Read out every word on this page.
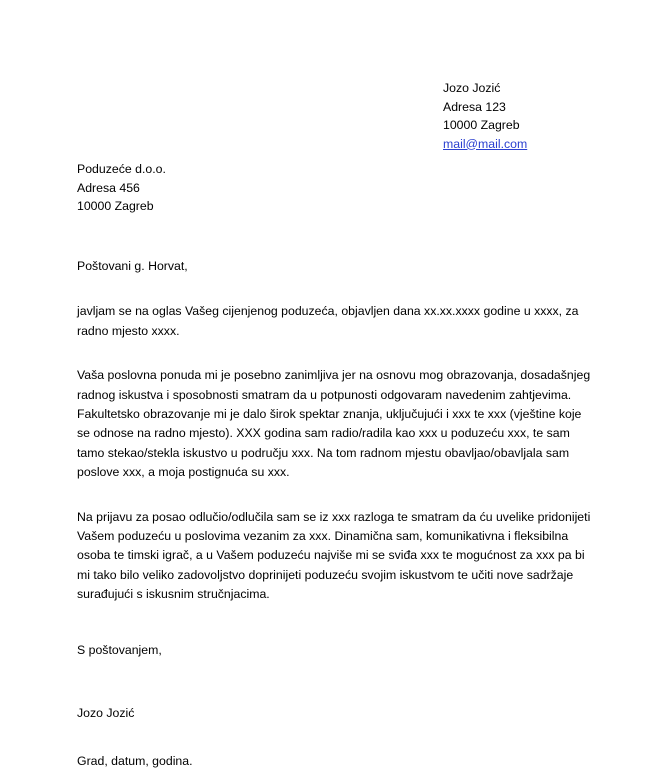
Jozo Jozić
Adresa 123
10000 Zagreb
mail@mail.com
Poduzeće d.o.o.
Adresa 456
10000 Zagreb

Poštovani g. Horvat,

javljam se na oglas Vašeg cijenjenog poduzeća, objavljen dana xx.xx.xxxx godine u xxxx, za radno mjesto xxxx.

Vaša poslovna ponuda mi je posebno zanimljiva jer na osnovu mog obrazovanja, dosadašnjeg radnog iskustva i sposobnosti smatram da u potpunosti odgovaram navedenim zahtjevima. Fakultetsko obrazovanje mi je dalo širok spektar znanja, uključujući i xxx te xxx (vještine koje se odnose na radno mjesto). XXX godina sam radio/radila kao xxx u poduzeću xxx, te sam tamo stekao/stekla iskustvo u području xxx. Na tom radnom mjestu obavljao/obavljala sam poslove xxx, a moja postignuća su xxx.

Na prijavu za posao odlučio/odlučila sam se iz xxx razloga te smatram da ću uvelike pridonijeti Vašem poduzeću u poslovima vezanim za xxx. Dinamična sam, komunikativna i fleksibilna osoba te timski igrač, a u Vašem poduzeću najviše mi se sviđa xxx te mogućnost za xxx pa bi mi tako bilo veliko zadovoljstvo doprinijeti poduzeću svojim iskustvom te učiti nove sadržaje surađujući s iskusnim stručnjacima.

S poštovanjem,

Jozo Jozić

Grad, datum, godina.
